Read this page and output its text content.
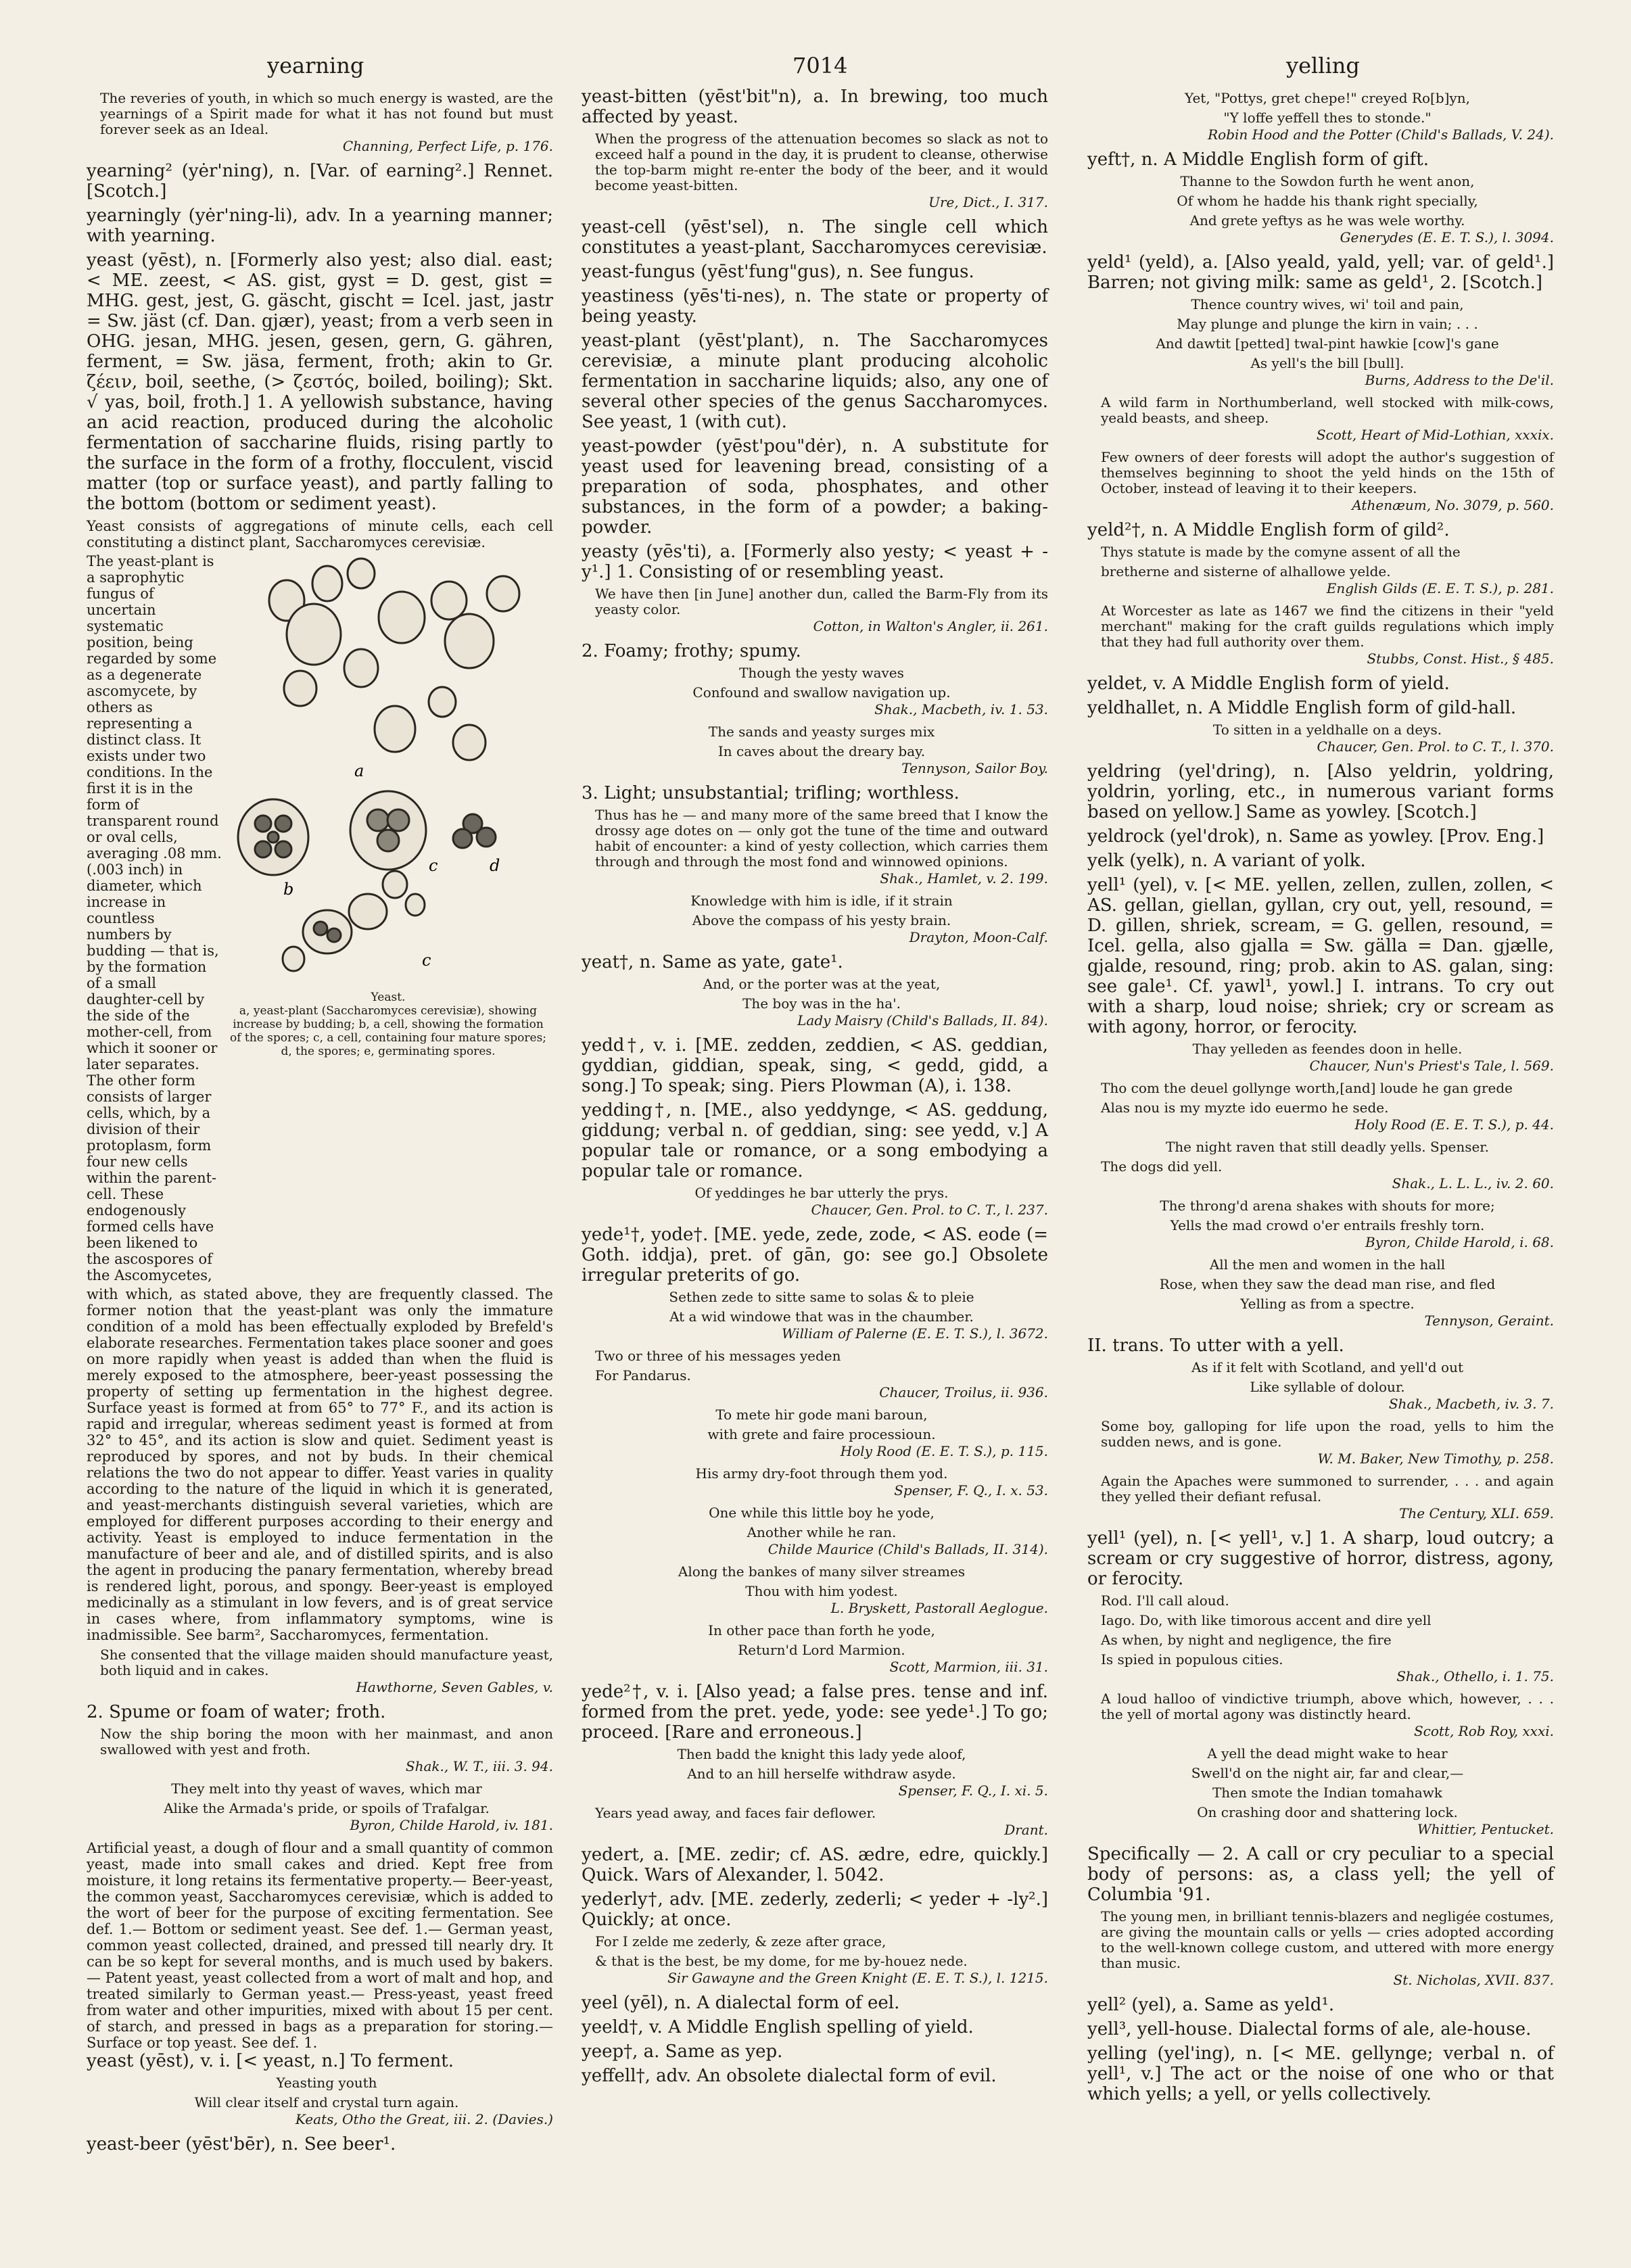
yearning	7014	yelling
The reveries of youth, in which so much energy is wasted, are the yearnings of a Spirit made for what it has not found but must forever seek as an Ideal.
Channing, Perfect Life, p. 176.
yearning² (yėr'ning), n. [Var. of earning².] Rennet. [Scotch.]
yearningly (yėr'ning-li), adv. In a yearning manner; with yearning.
yeast (yēst), n. [Formerly also yest; also dial. east; < ME. zeest, < AS. gist, gyst = D. gest, gist = MHG. gest, jest, G. gäscht, gischt = Icel. jast, jastr = Sw. jäst (cf. Dan. gjær), yeast; from a verb seen in OHG. jesan, MHG. jesen, gesen, gern, G. gähren, ferment, = Sw. jäsa, ferment, froth; akin to Gr. ζέειν, boil, seethe, (> ζεστός, boiled, boiling); Skt. √ yas, boil, froth.] 1. A yellowish substance, having an acid reaction, produced during the alcoholic fermentation of saccharine fluids, rising partly to the surface in the form of a frothy, flocculent, viscid matter (top or surface yeast), and partly falling to the bottom (bottom or sediment yeast).
Yeast consists of aggregations of minute cells, each cell constituting a distinct plant, Saccharomyces cerevisiæ.
The yeast-plant is a saprophytic fungus of uncertain systematic position, being regarded by some as a degenerate ascomycete, by others as representing a distinct class. It exists under two conditions. In the first it is in the form of transparent round or oval cells, averaging .08 mm. (.003 inch) in diameter, which increase in countless numbers by budding — that is, by the formation of a small daughter-cell by the side of the mother-cell, from which it sooner or later separates. The other form consists of larger cells, which, by a division of their protoplasm, form four new cells within the parent-cell. These endogenously formed cells have been likened to the ascospores of the Ascomycetes,
a
b
c	d
c
Yeast.
a, yeast-plant (Saccharomyces cerevisiæ), showing increase by budding; b, a cell, showing the formation of the spores; c, a cell, containing four mature spores; d, the spores; e, germinating spores.
with which, as stated above, they are frequently classed. The former notion that the yeast-plant was only the immature condition of a mold has been effectually exploded by Brefeld's elaborate researches. Fermentation takes place sooner and goes on more rapidly when yeast is added than when the fluid is merely exposed to the atmosphere, beer-yeast possessing the property of setting up fermentation in the highest degree. Surface yeast is formed at from 65° to 77° F., and its action is rapid and irregular, whereas sediment yeast is formed at from 32° to 45°, and its action is slow and quiet. Sediment yeast is reproduced by spores, and not by buds. In their chemical relations the two do not appear to differ. Yeast varies in quality according to the nature of the liquid in which it is generated, and yeast-merchants distinguish several varieties, which are employed for different purposes according to their energy and activity. Yeast is employed to induce fermentation in the manufacture of beer and ale, and of distilled spirits, and is also the agent in producing the panary fermentation, whereby bread is rendered light, porous, and spongy. Beer-yeast is employed medicinally as a stimulant in low fevers, and is of great service in cases where, from inflammatory symptoms, wine is inadmissible. See barm², Saccharomyces, fermentation.
She consented that the village maiden should manufacture yeast, both liquid and in cakes.
Hawthorne, Seven Gables, v.
2. Spume or foam of water; froth.
Now the ship boring the moon with her mainmast, and anon swallowed with yest and froth.
Shak., W. T., iii. 3. 94.
They melt into thy yeast of waves, which mar
Alike the Armada's pride, or spoils of Trafalgar.
Byron, Childe Harold, iv. 181.
Artificial yeast, a dough of flour and a small quantity of common yeast, made into small cakes and dried. Kept free from moisture, it long retains its fermentative property.— Beer-yeast, the common yeast, Saccharomyces cerevisiæ, which is added to the wort of beer for the purpose of exciting fermentation. See def. 1.— Bottom or sediment yeast. See def. 1.— German yeast, common yeast collected, drained, and pressed till nearly dry. It can be so kept for several months, and is much used by bakers.— Patent yeast, yeast collected from a wort of malt and hop, and treated similarly to German yeast.— Press-yeast, yeast freed from water and other impurities, mixed with about 15 per cent. of starch, and pressed in bags as a preparation for storing.— Surface or top yeast. See def. 1.
yeast (yēst), v. i. [< yeast, n.] To ferment.
Yeasting youth
Will clear itself and crystal turn again.
Keats, Otho the Great, iii. 2. (Davies.)
yeast-beer (yēst'bēr), n. See beer¹.
yeast-bitten (yēst'bit"n), a. In brewing, too much affected by yeast.
When the progress of the attenuation becomes so slack as not to exceed half a pound in the day, it is prudent to cleanse, otherwise the top-barm might re-enter the body of the beer, and it would become yeast-bitten.
Ure, Dict., I. 317.
yeast-cell (yēst'sel), n. The single cell which constitutes a yeast-plant, Saccharomyces cerevisiæ.
yeast-fungus (yēst'fung"gus), n. See fungus.
yeastiness (yēs'ti-nes), n. The state or property of being yeasty.
yeast-plant (yēst'plant), n. The Saccharomyces cerevisiæ, a minute plant producing alcoholic fermentation in saccharine liquids; also, any one of several other species of the genus Saccharomyces. See yeast, 1 (with cut).
yeast-powder (yēst'pou"dėr), n. A substitute for yeast used for leavening bread, consisting of a preparation of soda, phosphates, and other substances, in the form of a powder; a baking-powder.
yeasty (yēs'ti), a. [Formerly also yesty; < yeast + -y¹.] 1. Consisting of or resembling yeast.
We have then [in June] another dun, called the Barm-Fly from its yeasty color.
Cotton, in Walton's Angler, ii. 261.
2. Foamy; frothy; spumy.
Though the yesty waves
Confound and swallow navigation up.
Shak., Macbeth, iv. 1. 53.
The sands and yeasty surges mix
In caves about the dreary bay.
Tennyson, Sailor Boy.
3. Light; unsubstantial; trifling; worthless.
Thus has he — and many more of the same breed that I know the drossy age dotes on — only got the tune of the time and outward habit of encounter: a kind of yesty collection, which carries them through and through the most fond and winnowed opinions.
Shak., Hamlet, v. 2. 199.
Knowledge with him is idle, if it strain
Above the compass of his yesty brain.
Drayton, Moon-Calf.
yeat†, n. Same as yate, gate¹.
And, or the porter was at the yeat,
The boy was in the ha'.
Lady Maisry (Child's Ballads, II. 84).
yedd†, v. i. [ME. zedden, zeddien, < AS. geddian, gyddian, giddian, speak, sing, < gedd, gidd, a song.] To speak; sing. Piers Plowman (A), i. 138.
yedding†, n. [ME., also yeddynge, < AS. geddung, giddung; verbal n. of geddian, sing: see yedd, v.] A popular tale or romance, or a song embodying a popular tale or romance.
Of yeddinges he bar utterly the prys.
Chaucer, Gen. Prol. to C. T., l. 237.
yede¹†, yode†. [ME. yede, zede, zode, < AS. eode (= Goth. iddja), pret. of gān, go: see go.] Obsolete irregular preterits of go.
Sethen zede to sitte same to solas & to pleie
At a wid windowe that was in the chaumber.
William of Palerne (E. E. T. S.), l. 3672.
Two or three of his messages yeden
For Pandarus.
Chaucer, Troilus, ii. 936.
To mete hir gode mani baroun,
with grete and faire processioun.
Holy Rood (E. E. T. S.), p. 115.
His army dry-foot through them yod.
Spenser, F. Q., I. x. 53.
One while this little boy he yode,
Another while he ran.
Childe Maurice (Child's Ballads, II. 314).
Along the bankes of many silver streames
Thou with him yodest.
L. Bryskett, Pastorall Aeglogue.
In other pace than forth he yode,
Return'd Lord Marmion.
Scott, Marmion, iii. 31.
yede²†, v. i. [Also yead; a false pres. tense and inf. formed from the pret. yede, yode: see yede¹.] To go; proceed. [Rare and erroneous.]
Then badd the knight this lady yede aloof,
And to an hill herselfe withdraw asyde.
Spenser, F. Q., I. xi. 5.
Years yead away, and faces fair deflower.
Drant.
yedert, a. [ME. zedir; cf. AS. ædre, edre, quickly.] Quick. Wars of Alexander, l. 5042.
yederly†, adv. [ME. zederly, zederli; < yeder + -ly².] Quickly; at once.
For I zelde me zederly, & zeze after grace,
& that is the best, be my dome, for me by-houez nede.
Sir Gawayne and the Green Knight (E. E. T. S.), l. 1215.
yeel (yēl), n. A dialectal form of eel.
yeeld†, v. A Middle English spelling of yield.
yeep†, a. Same as yep.
yeffell†, adv. An obsolete dialectal form of evil.
Yet, "Pottys, gret chepe!" creyed Ro[b]yn,
"Y loffe yeffell thes to stonde."
Robin Hood and the Potter (Child's Ballads, V. 24).
yeft†, n. A Middle English form of gift.
Thanne to the Sowdon furth he went anon,
Of whom he hadde his thank right specially,
And grete yeftys as he was wele worthy.
Generydes (E. E. T. S.), l. 3094.
yeld¹ (yeld), a. [Also yeald, yald, yell; var. of geld¹.] Barren; not giving milk: same as geld¹, 2. [Scotch.]
Thence country wives, wi' toil and pain,
May plunge and plunge the kirn in vain; . . .
And dawtit [petted] twal-pint hawkie [cow]'s gane
As yell's the bill [bull].
Burns, Address to the De'il.
A wild farm in Northumberland, well stocked with milk-cows, yeald beasts, and sheep.
Scott, Heart of Mid-Lothian, xxxix.
Few owners of deer forests will adopt the author's suggestion of themselves beginning to shoot the yeld hinds on the 15th of October, instead of leaving it to their keepers.
Athenæum, No. 3079, p. 560.
yeld²†, n. A Middle English form of gild².
Thys statute is made by the comyne assent of all the
bretherne and sisterne of alhallowe yelde.
English Gilds (E. E. T. S.), p. 281.
At Worcester as late as 1467 we find the citizens in their "yeld merchant" making for the craft guilds regulations which imply that they had full authority over them.
Stubbs, Const. Hist., § 485.
yeldet, v. A Middle English form of yield.
yeldhallet, n. A Middle English form of gild-hall.
To sitten in a yeldhalle on a deys.
Chaucer, Gen. Prol. to C. T., l. 370.
yeldring (yel'dring), n. [Also yeldrin, yoldring, yoldrin, yorling, etc., in numerous variant forms based on yellow.] Same as yowley. [Scotch.]
yeldrock (yel'drok), n. Same as yowley. [Prov. Eng.]
yelk (yelk), n. A variant of yolk.
yell¹ (yel), v. [< ME. yellen, zellen, zullen, zollen, < AS. gellan, giellan, gyllan, cry out, yell, resound, = D. gillen, shriek, scream, = G. gellen, resound, = Icel. gella, also gjalla = Sw. gälla = Dan. gjælle, gjalde, resound, ring; prob. akin to AS. galan, sing: see gale¹. Cf. yawl¹, yowl.] I. intrans. To cry out with a sharp, loud noise; shriek; cry or scream as with agony, horror, or ferocity.
Thay yelleden as feendes doon in helle.
Chaucer, Nun's Priest's Tale, l. 569.
Tho com the deuel gollynge worth,[and] loude he gan grede
Alas nou is my myzte ido euermo he sede.
Holy Rood (E. E. T. S.), p. 44.
The night raven that still deadly yells. Spenser.
The dogs did yell.
Shak., L. L. L., iv. 2. 60.
The throng'd arena shakes with shouts for more;
Yells the mad crowd o'er entrails freshly torn.
Byron, Childe Harold, i. 68.
All the men and women in the hall
Rose, when they saw the dead man rise, and fled
Yelling as from a spectre.
Tennyson, Geraint.
II. trans. To utter with a yell.
As if it felt with Scotland, and yell'd out
Like syllable of dolour.
Shak., Macbeth, iv. 3. 7.
Some boy, galloping for life upon the road, yells to him the sudden news, and is gone.
W. M. Baker, New Timothy, p. 258.
Again the Apaches were summoned to surrender, . . . and again they yelled their defiant refusal.
The Century, XLI. 659.
yell¹ (yel), n. [< yell¹, v.] 1. A sharp, loud outcry; a scream or cry suggestive of horror, distress, agony, or ferocity.
Rod. I'll call aloud.
Iago. Do, with like timorous accent and dire yell
As when, by night and negligence, the fire
Is spied in populous cities.
Shak., Othello, i. 1. 75.
A loud halloo of vindictive triumph, above which, however, . . . the yell of mortal agony was distinctly heard.
Scott, Rob Roy, xxxi.
A yell the dead might wake to hear
Swell'd on the night air, far and clear,—
Then smote the Indian tomahawk
On crashing door and shattering lock.
Whittier, Pentucket.
Specifically — 2. A call or cry peculiar to a special body of persons: as, a class yell; the yell of Columbia '91.
The young men, in brilliant tennis-blazers and negligée costumes, are giving the mountain calls or yells — cries adopted according to the well-known college custom, and uttered with more energy than music.
St. Nicholas, XVII. 837.
yell² (yel), a. Same as yeld¹.
yell³, yell-house. Dialectal forms of ale, ale-house.
yelling (yel'ing), n. [< ME. gellynge; verbal n. of yell¹, v.] The act or the noise of one who or that which yells; a yell, or yells collectively.
